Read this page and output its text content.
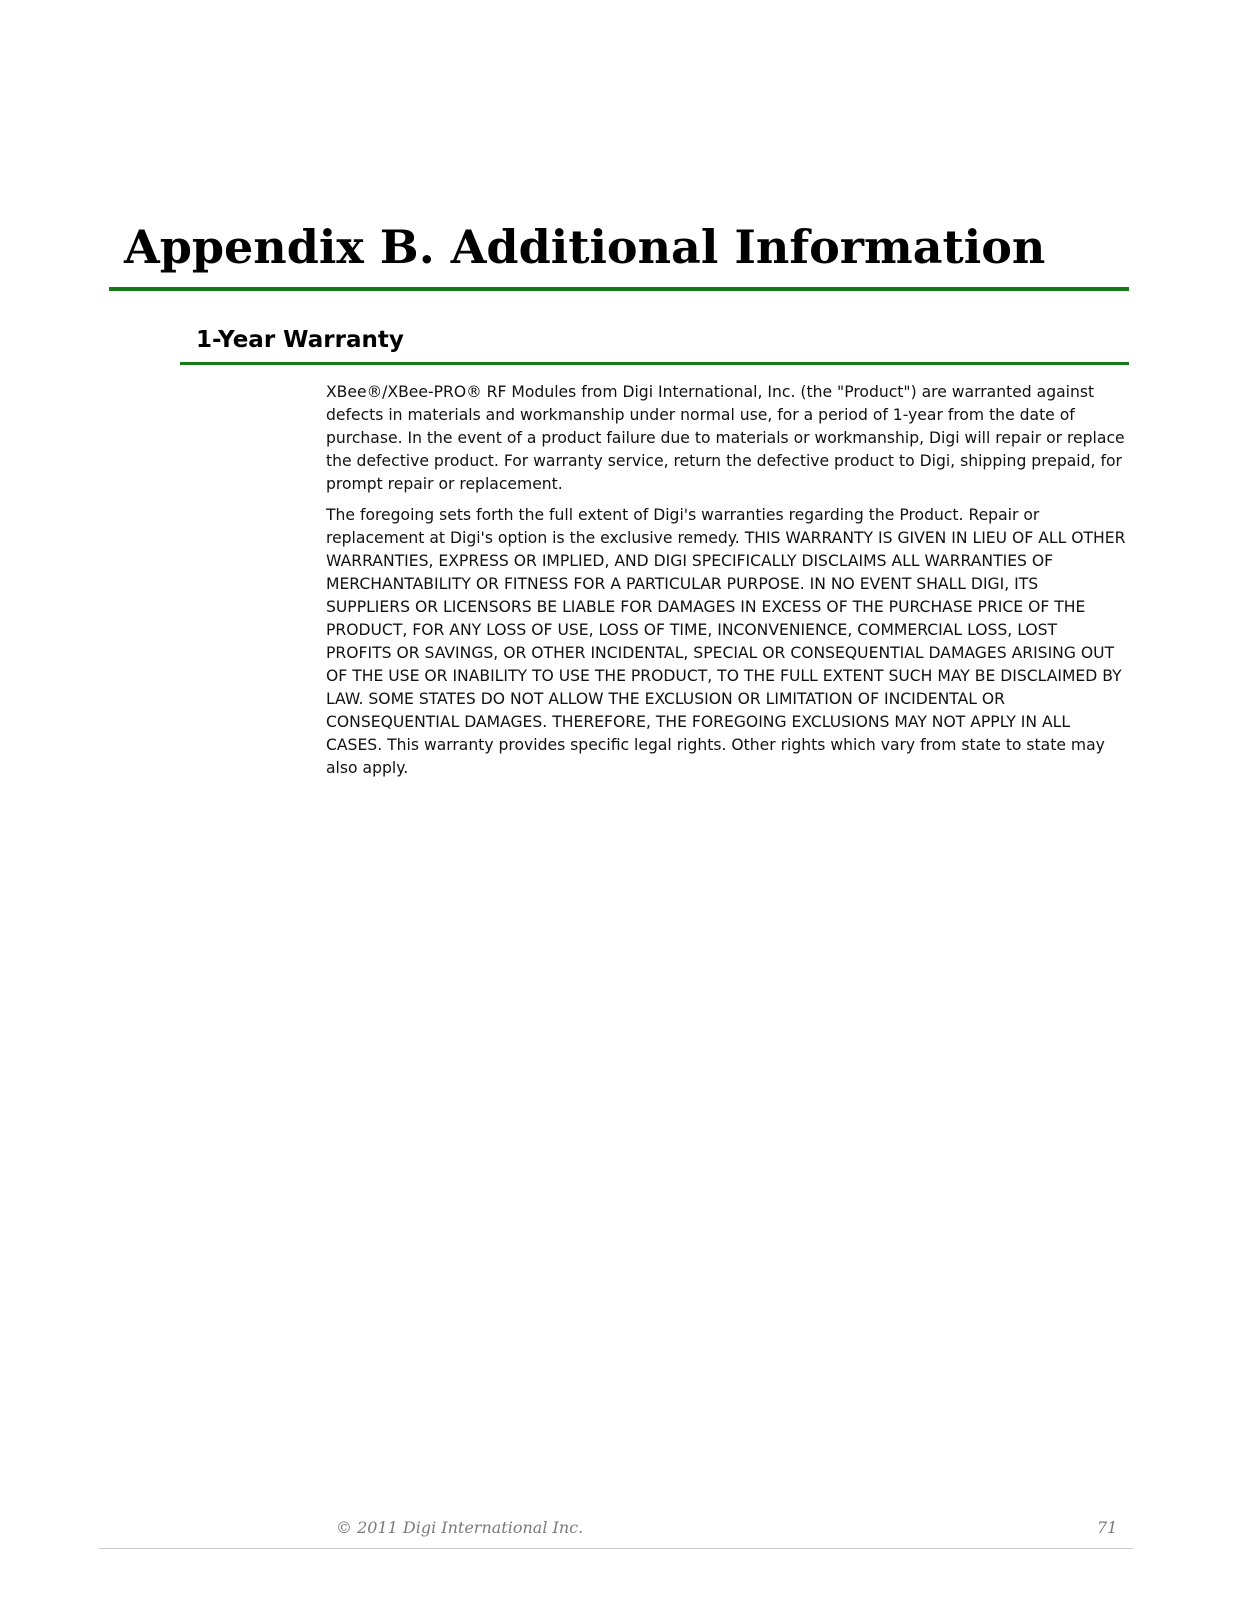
Appendix B. Additional Information
1-Year Warranty

XBee®/XBee-PRO® RF Modules from Digi International, Inc. (the "Product") are warranted against defects in materials and workmanship under normal use, for a period of 1-year from the date of purchase. In the event of a product failure due to materials or workmanship, Digi will repair or replace the defective product. For warranty service, return the defective product to Digi, shipping prepaid, for prompt repair or replacement.

The foregoing sets forth the full extent of Digi's warranties regarding the Product. Repair or replacement at Digi's option is the exclusive remedy. THIS WARRANTY IS GIVEN IN LIEU OF ALL OTHER WARRANTIES, EXPRESS OR IMPLIED, AND DIGI SPECIFICALLY DISCLAIMS ALL WARRANTIES OF MERCHANTABILITY OR FITNESS FOR A PARTICULAR PURPOSE. IN NO EVENT SHALL DIGI, ITS SUPPLIERS OR LICENSORS BE LIABLE FOR DAMAGES IN EXCESS OF THE PURCHASE PRICE OF THE PRODUCT, FOR ANY LOSS OF USE, LOSS OF TIME, INCONVENIENCE, COMMERCIAL LOSS, LOST PROFITS OR SAVINGS, OR OTHER INCIDENTAL, SPECIAL OR CONSEQUENTIAL DAMAGES ARISING OUT OF THE USE OR INABILITY TO USE THE PRODUCT, TO THE FULL EXTENT SUCH MAY BE DISCLAIMED BY LAW. SOME STATES DO NOT ALLOW THE EXCLUSION OR LIMITATION OF INCIDENTAL OR CONSEQUENTIAL DAMAGES. THEREFORE, THE FOREGOING EXCLUSIONS MAY NOT APPLY IN ALL CASES. This warranty provides specific legal rights. Other rights which vary from state to state may also apply.

© 2011 Digi International Inc.	71
